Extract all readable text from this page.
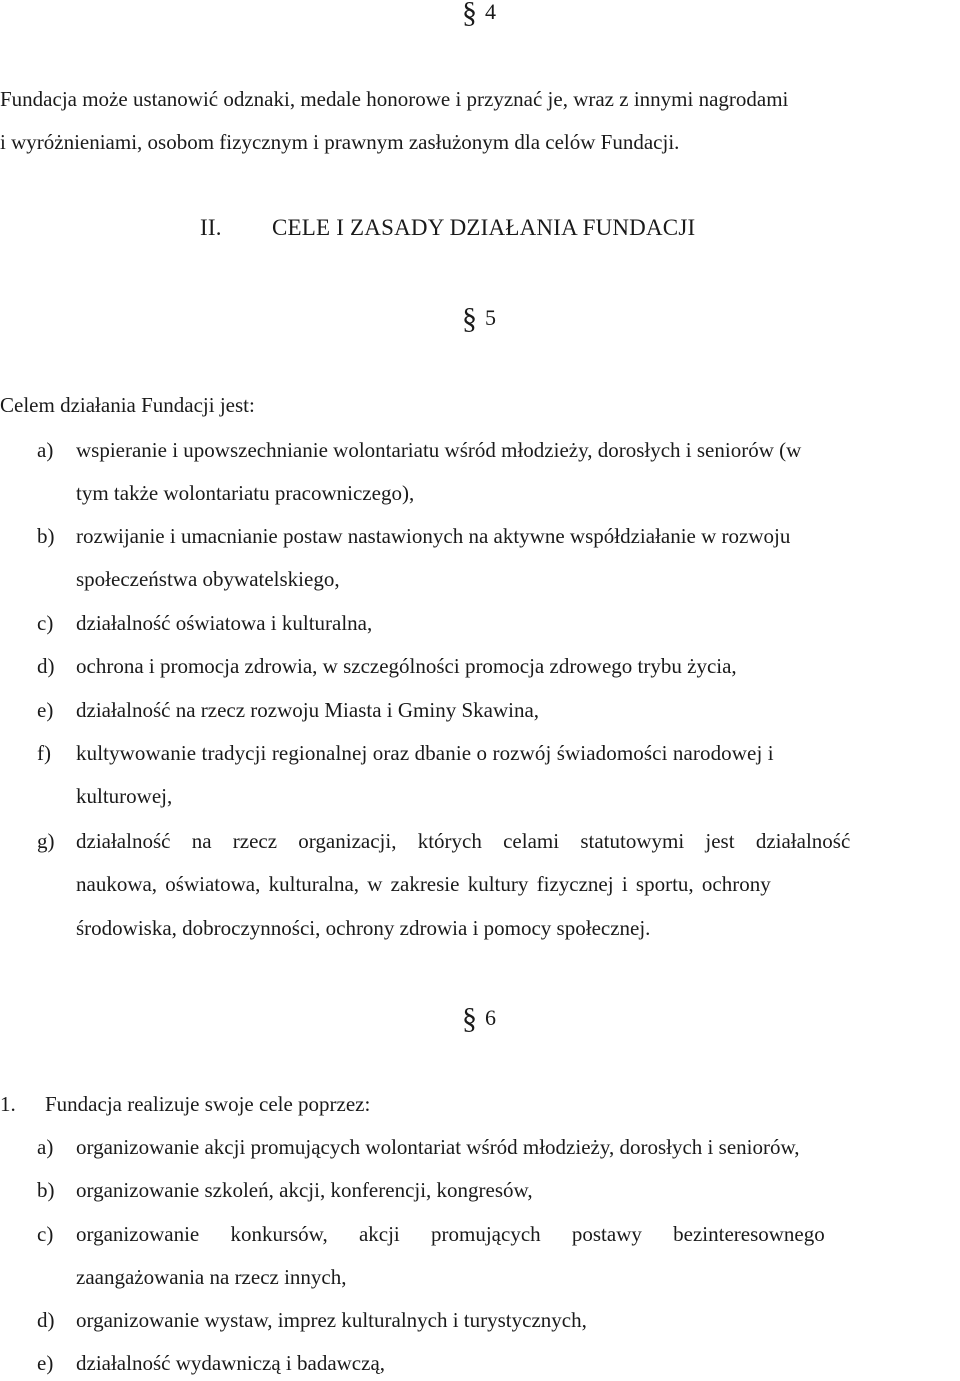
§ 4
Fundacja może ustanowić odznaki, medale honorowe i przyznać je, wraz z innymi nagrodami
i wyróżnieniami, osobom fizycznym i prawnym zasłużonym dla celów Fundacji.
II. CELE I ZASADY DZIAŁANIA FUNDACJI
§ 5
Celem działania Fundacji jest:
a) wspieranie i upowszechnianie wolontariatu wśród młodzieży, dorosłych i seniorów (w
tym także wolontariatu pracowniczego),
b) rozwijanie i umacnianie postaw nastawionych na aktywne współdziałanie w rozwoju
społeczeństwa obywatelskiego,
c) działalność oświatowa i kulturalna,
d) ochrona i promocja zdrowia, w szczególności promocja zdrowego trybu życia,
e) działalność na rzecz rozwoju Miasta i Gminy Skawina,
f) kultywowanie tradycji regionalnej oraz dbanie o rozwój świadomości narodowej i
kulturowej,
g) działalność na rzecz organizacji, których celami statutowymi jest działalność
naukowa, oświatowa, kulturalna, w zakresie kultury fizycznej i sportu, ochrony
środowiska, dobroczynności, ochrony zdrowia i pomocy społecznej.
§ 6
1. Fundacja realizuje swoje cele poprzez:
a) organizowanie akcji promujących wolontariat wśród młodzieży, dorosłych i seniorów,
b) organizowanie szkoleń, akcji, konferencji, kongresów,
c) organizowanie konkursów, akcji promujących postawy bezinteresownego
zaangażowania na rzecz innych,
d) organizowanie wystaw, imprez kulturalnych i turystycznych,
e) działalność wydawniczą i badawczą,
